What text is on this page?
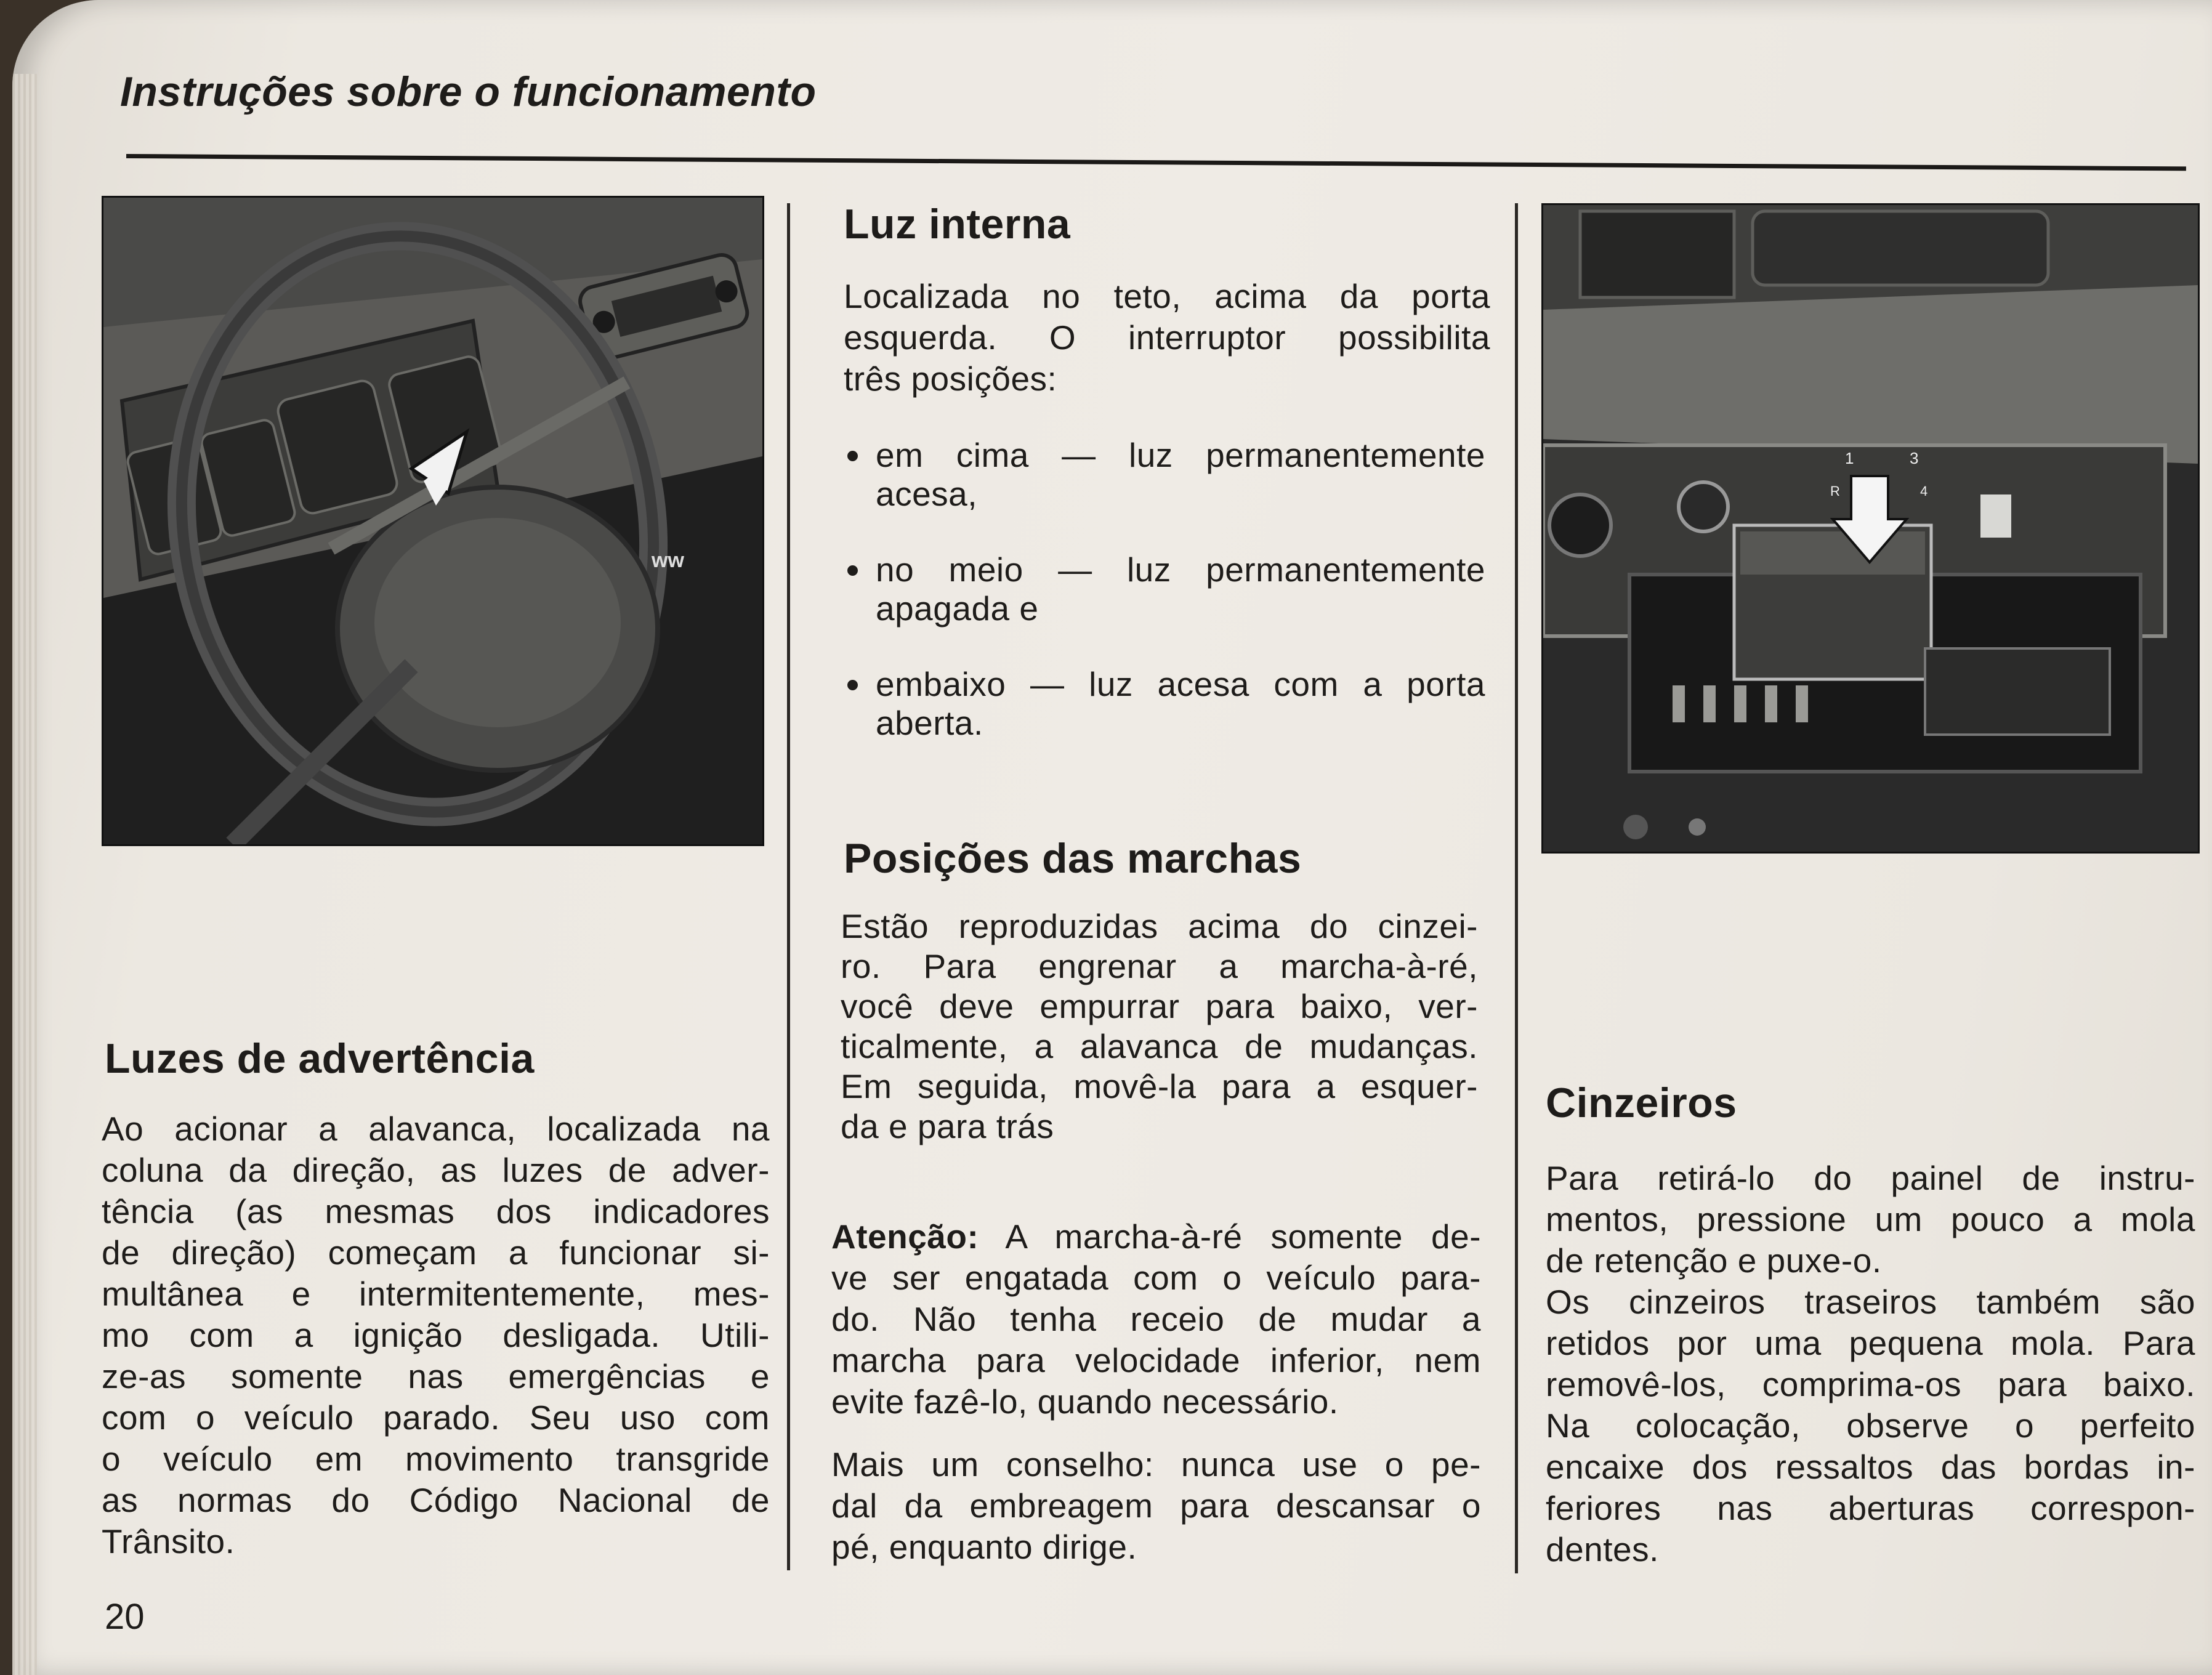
Instruções sobre o funcionamento
ww
1	3
R	4
Luzes de advertência
Ao acionar a alavanca, localizada na
coluna da direção, as luzes de adver-
tência (as mesmas dos indicadores
de direção) começam a funcionar si-
multânea e intermitentemente, mes-
mo com a ignição desligada. Utili-
ze-as somente nas emergências e
com o veículo parado. Seu uso com
o veículo em movimento transgride
as normas do Código Nacional de
Trânsito.
Luz interna
Localizada no teto, acima da porta
esquerda. O interruptor possibilita
três posições:
em cima — luz permanentemente
acesa,
no meio — luz permanentemente
apagada e
embaixo — luz acesa com a porta
aberta.
Posições das marchas
Estão reproduzidas acima do cinzei-
ro. Para engrenar a marcha-à-ré,
você deve empurrar para baixo, ver-
ticalmente, a alavanca de mudanças.
Em seguida, movê-la para a esquer-
da e para trás
Atenção: A marcha-à-ré somente de-
ve ser engatada com o veículo para-
do. Não tenha receio de mudar a
marcha para velocidade inferior, nem
evite fazê-lo, quando necessário.
Mais um conselho: nunca use o pe-
dal da embreagem para descansar o
pé, enquanto dirige.
Cinzeiros
Para retirá-lo do painel de instru-
mentos, pressione um pouco a mola
de retenção e puxe-o.
Os cinzeiros traseiros também são
retidos por uma pequena mola. Para
removê-los, comprima-os para baixo.
Na colocação, observe o perfeito
encaixe dos ressaltos das bordas in-
feriores nas aberturas correspon-
dentes.

20
